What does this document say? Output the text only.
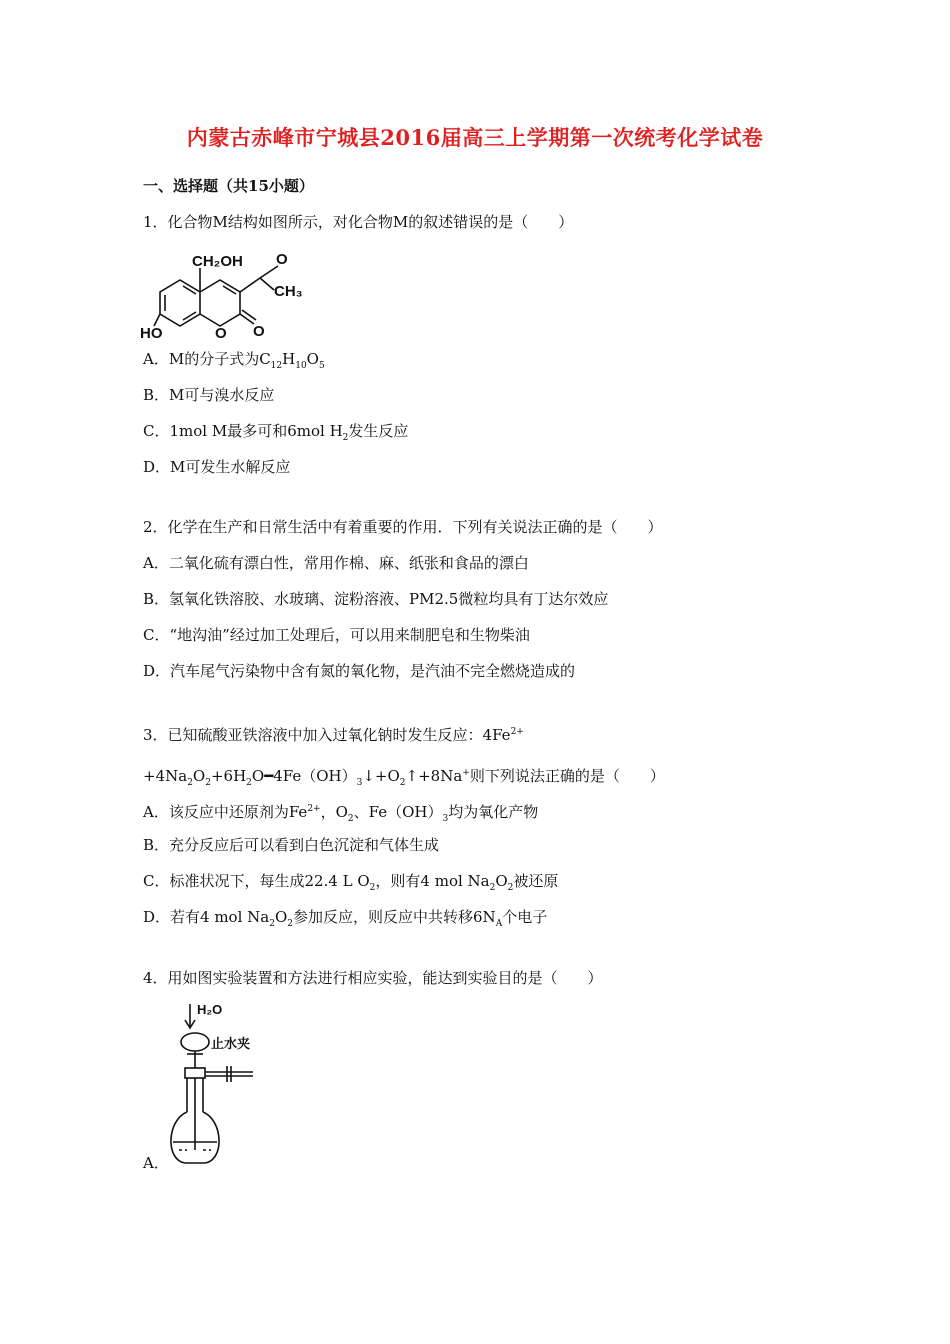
内蒙古赤峰市宁城县2016届高三上学期第一次统考化学试卷
一、选择题（共15小题）
1．化合物M结构如图所示，对化合物M的叙述错误的是（　　）
CH₂OH O
CH₃
HO	O O
A．M的分子式为$C_{12}H_{10}O_5$
B．M可与溴水反应
C．1mol M最多可和6mol $H_2$发生反应
D．M可发生水解反应
2．化学在生产和日常生活中有着重要的作用．下列有关说法正确的是（　　）
A．二氧化硫有漂白性，常用作棉、麻、纸张和食品的漂白
B．氢氧化铁溶胶、水玻璃、淀粉溶液、PM2.5微粒均具有丁达尔效应
C．“地沟油”经过加工处理后，可以用来制肥皂和生物柴油
D．汽车尾气污染物中含有氮的氧化物，是汽油不完全燃烧造成的
3．已知硫酸亚铁溶液中加入过氧化钠时发生反应：$4Fe^{2+}$
$+4Na_2O_2+6H_2O━4Fe(OH)_3↓+O_2↑+8Na^+$则下列说法正确的是（　　）
A．该反应中还原剂为$Fe^{2+}$，$O_2$、$Fe(OH)_3$均为氧化产物
B．充分反应后可以看到白色沉淀和气体生成
C．标准状况下，每生成22.4 L $O_2$，则有4 mol $Na_2O_2$被还原
D．若有4 mol $Na_2O_2$参加反应，则反应中共转移$6N_A$个电子
4．用如图实验装置和方法进行相应实验，能达到实验目的是（　　）
H₂O
止水夹
A．
